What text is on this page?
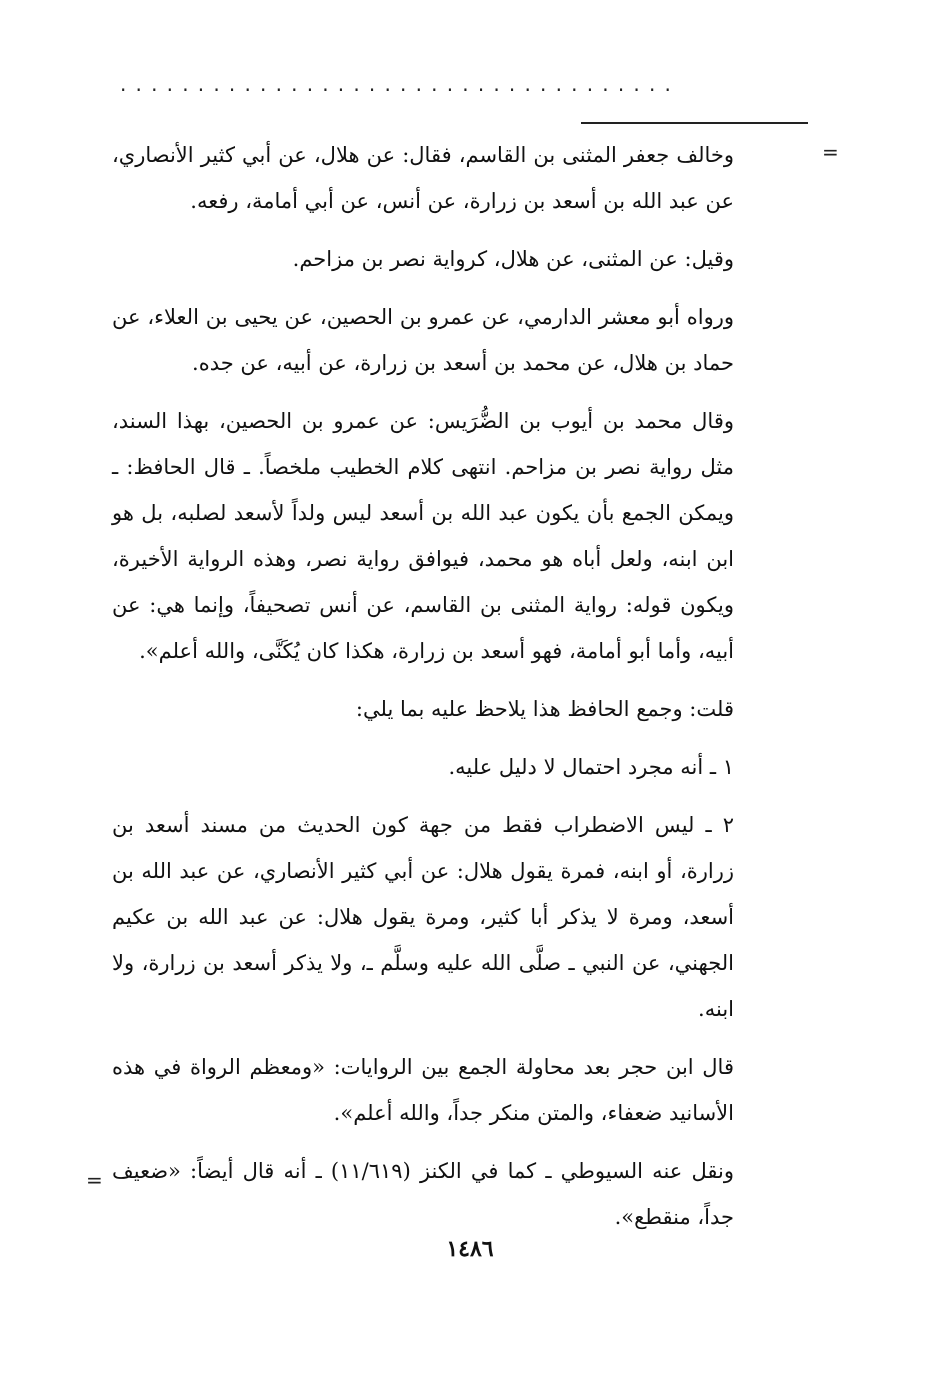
....................................
=
=

وخالف جعفر المثنى بن القاسم، فقال: عن هلال، عن أبي كثير الأنصاري، عن عبد الله بن أسعد بن زرارة، عن أنس، عن أبي أمامة، رفعه.

وقيل: عن المثنى، عن هلال، كرواية نصر بن مزاحم.

ورواه أبو معشر الدارمي، عن عمرو بن الحصين، عن يحيى بن العلاء، عن حماد بن هلال، عن محمد بن أسعد بن زرارة، عن أبيه، عن جده.

وقال محمد بن أيوب بن الضُّرَيس: عن عمرو بن الحصين، بهذا السند، مثل رواية نصر بن مزاحم. انتهى كلام الخطيب ملخصاً. ـ قال الحافظ: ـ ويمكن الجمع بأن يكون عبد الله بن أسعد ليس ولداً لأسعد لصلبه، بل هو ابن ابنه، ولعل أباه هو محمد، فيوافق رواية نصر، وهذه الرواية الأخيرة، ويكون قوله: رواية المثنى بن القاسم، عن أنس تصحيفاً، وإنما هي: عن أبيه، وأما أبو أمامة، فهو أسعد بن زرارة، هكذا كان يُكَنَّى، والله أعلم».

قلت: وجمع الحافظ هذا يلاحظ عليه بما يلي:

١ ـ أنه مجرد احتمال لا دليل عليه.

٢ ـ ليس الاضطراب فقط من جهة كون الحديث من مسند أسعد بن زرارة، أو ابنه، فمرة يقول هلال: عن أبي كثير الأنصاري، عن عبد الله بن أسعد، ومرة لا يذكر أبا كثير، ومرة يقول هلال: عن عبد الله بن عكيم الجهني، عن النبي ـ صلَّى الله عليه وسلَّم ـ، ولا يذكر أسعد بن زرارة، ولا ابنه.

قال ابن حجر بعد محاولة الجمع بين الروايات: «ومعظم الرواة في هذه الأسانيد ضعفاء، والمتن منكر جداً، والله أعلم».

ونقل عنه السيوطي ـ كما في الكنز (١١/٦١٩) ـ أنه قال أيضاً: «ضعيف جداً، منقطع».

١٤٨٦
